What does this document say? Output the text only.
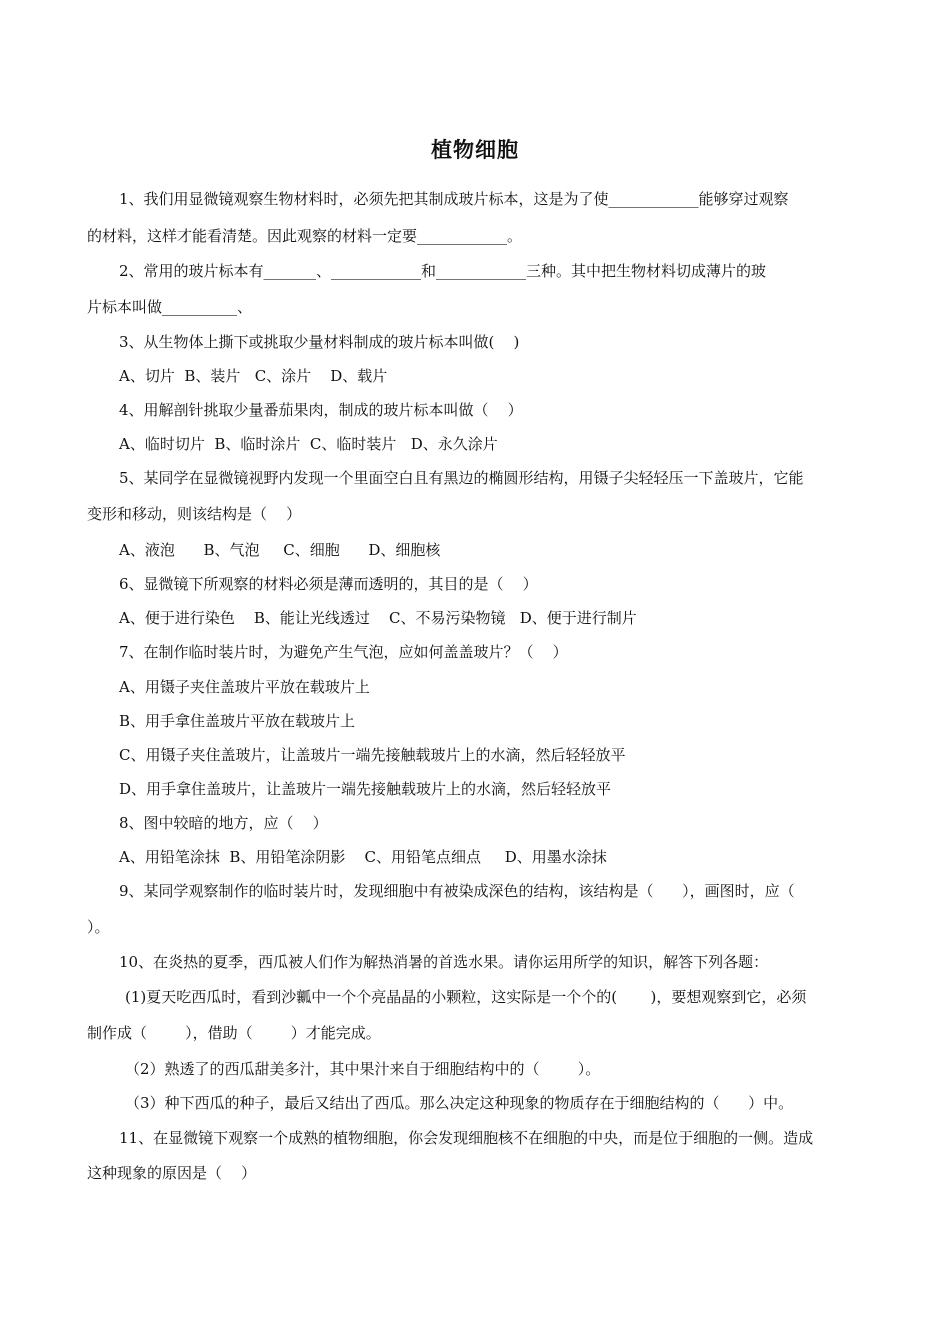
植物细胞
1、我们用显微镜观察生物材料时，必须先把其制成玻片标本，这是为了使____________能够穿过观察
的材料，这样才能看清楚。因此观察的材料一定要____________。
2、常用的玻片标本有_______、____________和____________三种。其中把生物材料切成薄片的玻
片标本叫做__________、
3、从生物体上撕下或挑取少量材料制成的玻片标本叫做(    )
A、切片  B、装片   C、涂片    D、载片
4、用解剖针挑取少量番茄果肉，制成的玻片标本叫做（    ）
A、临时切片  B、临时涂片  C、临时装片   D、永久涂片
5、某同学在显微镜视野内发现一个里面空白且有黑边的椭圆形结构，用镊子尖轻轻压一下盖玻片，它能
变形和移动，则该结构是（    ）
A、液泡      B、气泡     C、细胞      D、细胞核
6、显微镜下所观察的材料必须是薄而透明的，其目的是（    ）
A、便于进行染色    B、能让光线透过    C、不易污染物镜   D、便于进行制片
7、在制作临时装片时，为避免产生气泡，应如何盖盖玻片？（    ）
A、用镊子夹住盖玻片平放在载玻片上
B、用手拿住盖玻片平放在载玻片上
C、用镊子夹住盖玻片，让盖玻片一端先接触载玻片上的水滴，然后轻轻放平
D、用手拿住盖玻片，让盖玻片一端先接触载玻片上的水滴，然后轻轻放平
8、图中较暗的地方，应（    ）
A、用铅笔涂抹  B、用铅笔涂阴影    C、用铅笔点细点     D、用墨水涂抹
9、某同学观察制作的临时装片时，发现细胞中有被染成深色的结构，该结构是（      ），画图时，应（
）。
10、在炎热的夏季，西瓜被人们作为解热消暑的首选水果。请你运用所学的知识，解答下列各题：
(1)夏天吃西瓜时，看到沙瓤中一个个亮晶晶的小颗粒，这实际是一个个的(       )，要想观察到它，必须
制作成（        ），借助（        ）才能完成。
（2）熟透了的西瓜甜美多汁，其中果汁来自于细胞结构中的（        ）。
（3）种下西瓜的种子，最后又结出了西瓜。那么决定这种现象的物质存在于细胞结构的（      ）中。
11、在显微镜下观察一个成熟的植物细胞，你会发现细胞核不在细胞的中央，而是位于细胞的一侧。造成
这种现象的原因是（    ）
